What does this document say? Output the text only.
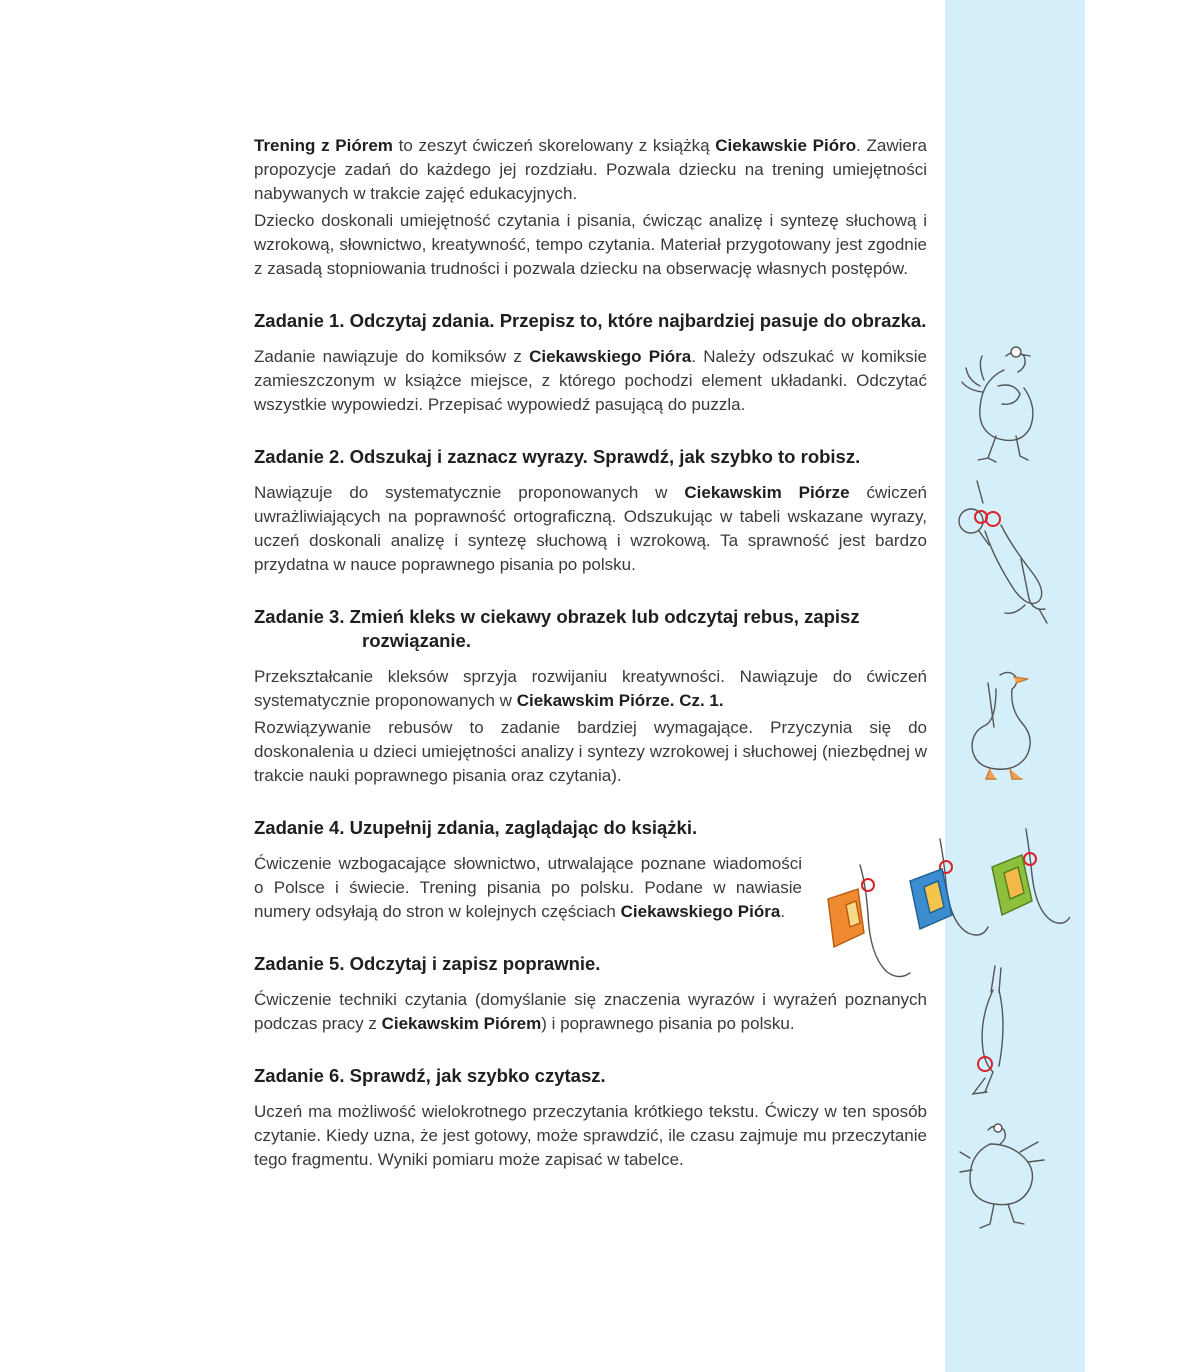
Trening z Piórem to zeszyt ćwiczeń skorelowany z książką Ciekawskie Pióro. Zawiera propozycje zadań do każdego jej rozdziału. Pozwala dziecku na trening umiejętności nabywanych w trakcie zajęć edukacyjnych.

Dziecko doskonali umiejętność czytania i pisania, ćwicząc analizę i syntezę słuchową i wzrokową, słownictwo, kreatywność, tempo czytania. Materiał przygotowany jest zgodnie z zasadą stopniowania trudności i pozwala dziecku na obserwację własnych postępów.

Zadanie 1. Odczytaj zdania. Przepisz to, które najbardziej pasuje do obrazka.

Zadanie nawiązuje do komiksów z Ciekawskiego Pióra. Należy odszukać w komiksie zamieszczonym w książce miejsce, z którego pochodzi element układanki. Odczytać wszystkie wypowiedzi. Przepisać wypowiedź pasującą do puzzla.

Zadanie 2. Odszukaj i zaznacz wyrazy. Sprawdź, jak szybko to robisz.

Nawiązuje do systematycznie proponowanych w Ciekawskim Piórze ćwiczeń uwrażliwiających na poprawność ortograficzną. Odszukując w tabeli wskazane wyrazy, uczeń doskonali analizę i syntezę słuchową i wzrokową. Ta sprawność jest bardzo przydatna w nauce poprawnego pisania po polsku.

Zadanie 3. Zmień kleks w ciekawy obrazek lub odczytaj rebus, zapisz rozwiązanie.

Przekształcanie kleksów sprzyja rozwijaniu kreatywności. Nawiązuje do ćwiczeń systematycznie proponowanych w Ciekawskim Piórze. Cz. 1.

Rozwiązywanie rebusów to zadanie bardziej wymagające. Przyczynia się do doskonalenia u dzieci umiejętności analizy i syntezy wzrokowej i słuchowej (niezbędnej w trakcie nauki poprawnego pisania oraz czytania).

Zadanie 4. Uzupełnij zdania, zaglądając do książki.

Ćwiczenie wzbogacające słownictwo, utrwalające poznane wiadomości o Polsce i świecie. Trening pisania po polsku. Podane w nawiasie numery odsyłają do stron w kolejnych częściach Ciekawskiego Pióra.

Zadanie 5. Odczytaj i zapisz poprawnie.

Ćwiczenie techniki czytania (domyślanie się znaczenia wyrazów i wyrażeń poznanych podczas pracy z Ciekawskim Piórem) i poprawnego pisania po polsku.

Zadanie 6. Sprawdź, jak szybko czytasz.

Uczeń ma możliwość wielokrotnego przeczytania krótkiego tekstu. Ćwiczy w ten sposób czytanie. Kiedy uzna, że jest gotowy, może sprawdzić, ile czasu zajmuje mu przeczytanie tego fragmentu. Wyniki pomiaru może zapisać w tabelce.
